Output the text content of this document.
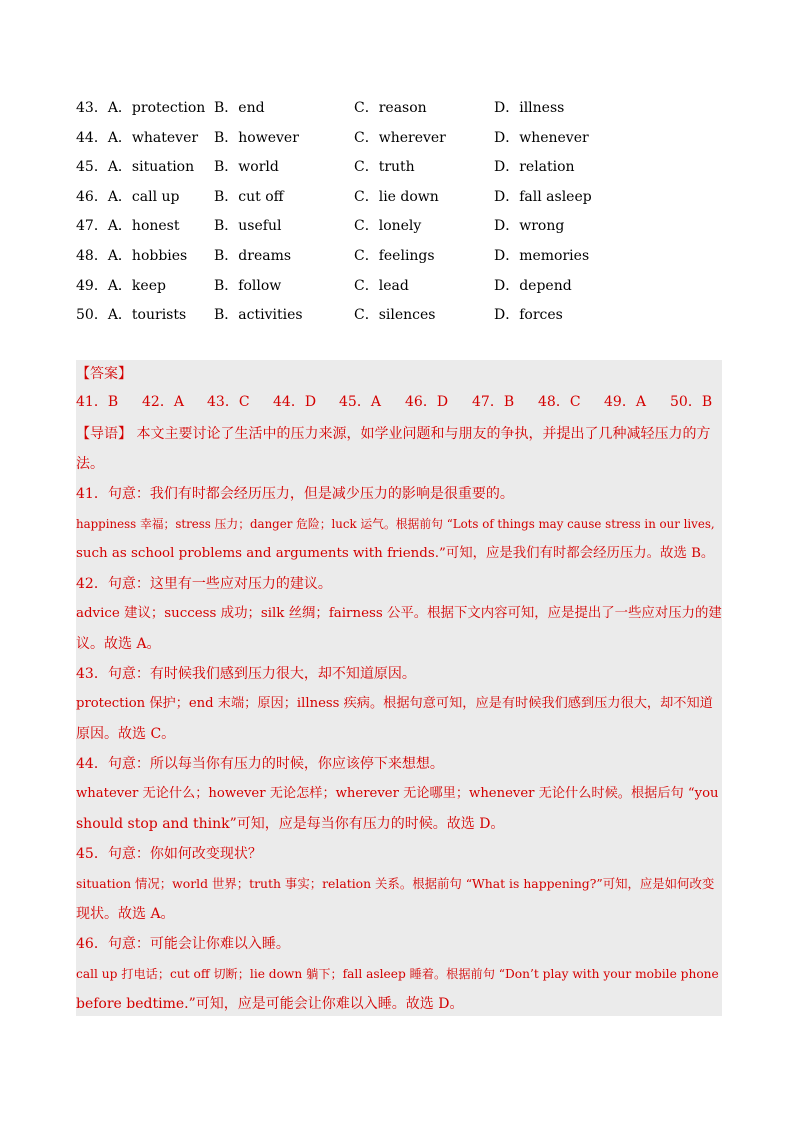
43．A．protection B．end	C．reason	D．illness
44．A．whatever B．however	C．wherever	D．whenever
45．A．situation B．world	C．truth	D．relation
46．A．call up B．cut off	C．lie down	D．fall asleep
47．A．honest B．useful	C．lonely	D．wrong
48．A．hobbies B．dreams	C．feelings	D．memories
49．A．keep	B．follow	C．lead	D．depend
50．A．tourists B．activities	C．silences	D．forces
【答案】
41．B 42．A 43．C 44．D 45．A 46．D 47．B 48．C 49．A 50．B
【导语】 本文主要讨论了生活中的压力来源，如学业问题和与朋友的争执，并提出了几种减轻压力的方
法。
41．句意：我们有时都会经历压力，但是减少压力的影响是很重要的。
happiness 幸福；stress 压力；danger 危险；luck 运气。根据前句 “Lots of things may cause stress in our lives,
such as school problems and arguments with friends.”可知，应是我们有时都会经历压力。故选 B。
42．句意：这里有一些应对压力的建议。
advice 建议；success 成功；silk 丝绸；fairness 公平。根据下文内容可知，应是提出了一些应对压力的建
议。故选 A。
43．句意：有时候我们感到压力很大，却不知道原因。
protection 保护；end 末端；原因；illness 疾病。根据句意可知，应是有时候我们感到压力很大，却不知道
原因。故选 C。
44．句意：所以每当你有压力的时候，你应该停下来想想。
whatever 无论什么；however 无论怎样；wherever 无论哪里；whenever 无论什么时候。根据后句 “you
should stop and think”可知，应是每当你有压力的时候。故选 D。
45．句意：你如何改变现状？
situation 情况；world 世界；truth 事实；relation 关系。根据前句 “What is happening?”可知，应是如何改变
现状。故选 A。
46．句意：可能会让你难以入睡。
call up 打电话；cut off 切断；lie down 躺下；fall asleep 睡着。根据前句 “Don’t play with your mobile phone
before bedtime.”可知，应是可能会让你难以入睡。故选 D。
